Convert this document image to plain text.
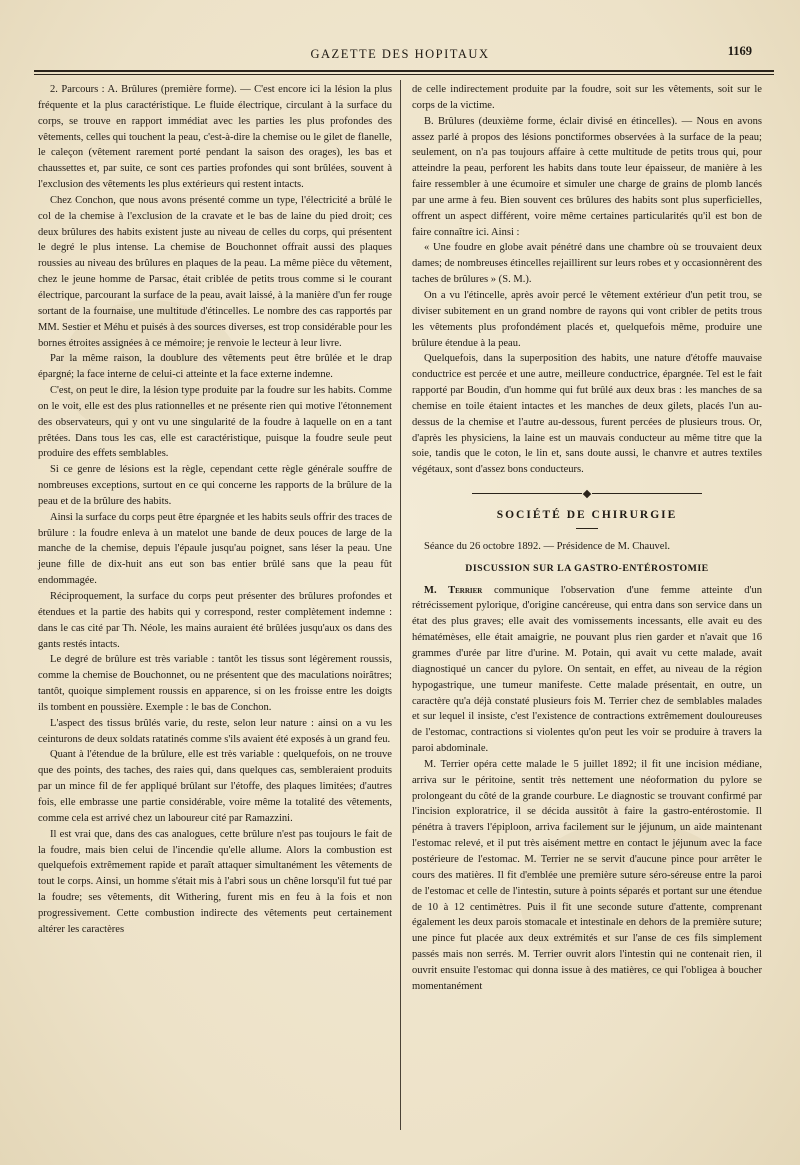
GAZETTE DES HOPITAUX	1169

2. Parcours : A. Brûlures (première forme). — C'est encore ici la lésion la plus fréquente et la plus caractéristique. Le fluide électrique, circulant à la surface du corps, se trouve en rapport immédiat avec les parties les plus profondes des vêtements, celles qui touchent la peau, c'est-à-dire la chemise ou le gilet de flanelle, le caleçon (vêtement rarement porté pendant la saison des orages), les bas et chaussettes et, par suite, ce sont ces parties profondes qui sont brûlées, souvent à l'exclusion des vêtements les plus extérieurs qui restent intacts.

Chez Conchon, que nous avons présenté comme un type, l'électricité a brûlé le col de la chemise à l'exclusion de la cravate et le bas de laine du pied droit; ces deux brûlures des habits existent juste au niveau de celles du corps, qui présentent le degré le plus intense. La chemise de Bouchonnet offrait aussi des plaques roussies au niveau des brûlures en plaques de la peau. La même pièce du vêtement, chez le jeune homme de Parsac, était criblée de petits trous comme si le courant électrique, parcourant la surface de la peau, avait laissé, à la manière d'un fer rouge sortant de la fournaise, une multitude d'étincelles. Le nombre des cas rapportés par MM. Sestier et Méhu et puisés à des sources diverses, est trop considérable pour les bornes étroites assignées à ce mémoire; je renvoie le lecteur à leur livre.

Par la même raison, la doublure des vêtements peut être brûlée et le drap épargné; la face interne de celui-ci atteinte et la face externe indemne.

C'est, on peut le dire, la lésion type produite par la foudre sur les habits. Comme on le voit, elle est des plus rationnelles et ne présente rien qui motive l'étonnement des observateurs, qui y ont vu une singularité de la foudre à laquelle on en a tant prêtées. Dans tous les cas, elle est caractéristique, puisque la foudre seule peut produire des effets semblables.

Si ce genre de lésions est la règle, cependant cette règle générale souffre de nombreuses exceptions, surtout en ce qui concerne les rapports de la brûlure de la peau et de la brûlure des habits.

Ainsi la surface du corps peut être épargnée et les habits seuls offrir des traces de brûlure : la foudre enleva à un matelot une bande de deux pouces de large de la manche de la chemise, depuis l'épaule jusqu'au poignet, sans léser la peau. Une jeune fille de dix-huit ans eut son bas entier brûlé sans que la peau fût endommagée.

Réciproquement, la surface du corps peut présenter des brûlures profondes et étendues et la partie des habits qui y correspond, rester complètement indemne : dans le cas cité par Th. Néole, les mains auraient été brûlées jusqu'aux os dans des gants restés intacts.

Le degré de brûlure est très variable : tantôt les tissus sont légèrement roussis, comme la chemise de Bouchonnet, ou ne présentent que des maculations noirâtres; tantôt, quoique simplement roussis en apparence, si on les froisse entre les doigts ils tombent en poussière. Exemple : le bas de Conchon.

L'aspect des tissus brûlés varie, du reste, selon leur nature : ainsi on a vu les ceinturons de deux soldats ratatinés comme s'ils avaient été exposés à un grand feu.

Quant à l'étendue de la brûlure, elle est très variable : quelquefois, on ne trouve que des points, des taches, des raies qui, dans quelques cas, sembleraient produits par un mince fil de fer appliqué brûlant sur l'étoffe, des plaques limitées; d'autres fois, elle embrasse une partie considérable, voire même la totalité des vêtements, comme cela est arrivé chez un laboureur cité par Ramazzini.

Il est vrai que, dans des cas analogues, cette brûlure n'est pas toujours le fait de la foudre, mais bien celui de l'incendie qu'elle allume. Alors la combustion est quelquefois extrêmement rapide et paraît attaquer simultanément les vêtements de tout le corps. Ainsi, un homme s'était mis à l'abri sous un chêne lorsqu'il fut tué par la foudre; ses vêtements, dit Withering, furent mis en feu à la fois et non progressivement. Cette combustion indirecte des vêtements peut certainement altérer les caractères

de celle indirectement produite par la foudre, soit sur les vêtements, soit sur le corps de la victime.

B. Brûlures (deuxième forme, éclair divisé en étincelles). — Nous en avons assez parlé à propos des lésions ponctiformes observées à la surface de la peau; seulement, on n'a pas toujours affaire à cette multitude de petits trous qui, pour atteindre la peau, perforent les habits dans toute leur épaisseur, de manière à les faire ressembler à une écumoire et simuler une charge de grains de plomb lancés par une arme à feu. Bien souvent ces brûlures des habits sont plus superficielles, offrent un aspect différent, voire même certaines particularités qu'il est bon de faire connaître ici. Ainsi :

« Une foudre en globe avait pénétré dans une chambre où se trouvaient deux dames; de nombreuses étincelles rejaillirent sur leurs robes et y occasionnèrent des taches de brûlures » (S. M.).

On a vu l'étincelle, après avoir percé le vêtement extérieur d'un petit trou, se diviser subitement en un grand nombre de rayons qui vont cribler de petits trous les vêtements plus profondément placés et, quelquefois même, produire une brûlure étendue à la peau.

Quelquefois, dans la superposition des habits, une nature d'étoffe mauvaise conductrice est percée et une autre, meilleure conductrice, épargnée. Tel est le fait rapporté par Boudin, d'un homme qui fut brûlé aux deux bras : les manches de sa chemise en toile étaient intactes et les manches de deux gilets, placés l'un au-dessus de la chemise et l'autre au-dessous, furent percées de plusieurs trous. Or, d'après les physiciens, la laine est un mauvais conducteur au même titre que la soie, tandis que le coton, le lin et, sans doute aussi, le chanvre et autres textiles végétaux, sont d'assez bons conducteurs.

SOCIÉTÉ DE CHIRURGIE

Séance du 26 octobre 1892. — Présidence de M. Chauvel.

DISCUSSION SUR LA GASTRO-ENTÉROSTOMIE

M. Terrier communique l'observation d'une femme atteinte d'un rétrécissement pylorique, d'origine cancéreuse, qui entra dans son service dans un état des plus graves; elle avait des vomissements incessants, elle avait eu des hématémèses, elle était amaigrie, ne pouvant plus rien garder et n'avait que 16 grammes d'urée par litre d'urine. M. Potain, qui avait vu cette malade, avait diagnostiqué un cancer du pylore. On sentait, en effet, au niveau de la région hypogastrique, une tumeur manifeste. Cette malade présentait, en outre, un caractère qu'a déjà constaté plusieurs fois M. Terrier chez de semblables malades et sur lequel il insiste, c'est l'existence de contractions extrêmement douloureuses de l'estomac, contractions si violentes qu'on peut les voir se produire à travers la paroi abdominale.

M. Terrier opéra cette malade le 5 juillet 1892; il fit une incision médiane, arriva sur le péritoine, sentit très nettement une néoformation du pylore se prolongeant du côté de la grande courbure. Le diagnostic se trouvant confirmé par l'incision exploratrice, il se décida aussitôt à faire la gastro-entérostomie. Il pénétra à travers l'épiploon, arriva facilement sur le jéjunum, un aide maintenant l'estomac relevé, et il put très aisément mettre en contact le jéjunum avec la face postérieure de l'estomac. M. Terrier ne se servit d'aucune pince pour arrêter le cours des matières. Il fit d'emblée une première suture séro-séreuse entre la paroi de l'estomac et celle de l'intestin, suture à points séparés et portant sur une étendue de 10 à 12 centimètres. Puis il fit une seconde suture d'attente, comprenant également les deux parois stomacale et intestinale en dehors de la première suture; une pince fut placée aux deux extrémités et sur l'anse de ces fils simplement passés mais non serrés. M. Terrier ouvrit alors l'intestin qui ne contenait rien, il ouvrit ensuite l'estomac qui donna issue à des matières, ce qui l'obligea à boucher momentanément
